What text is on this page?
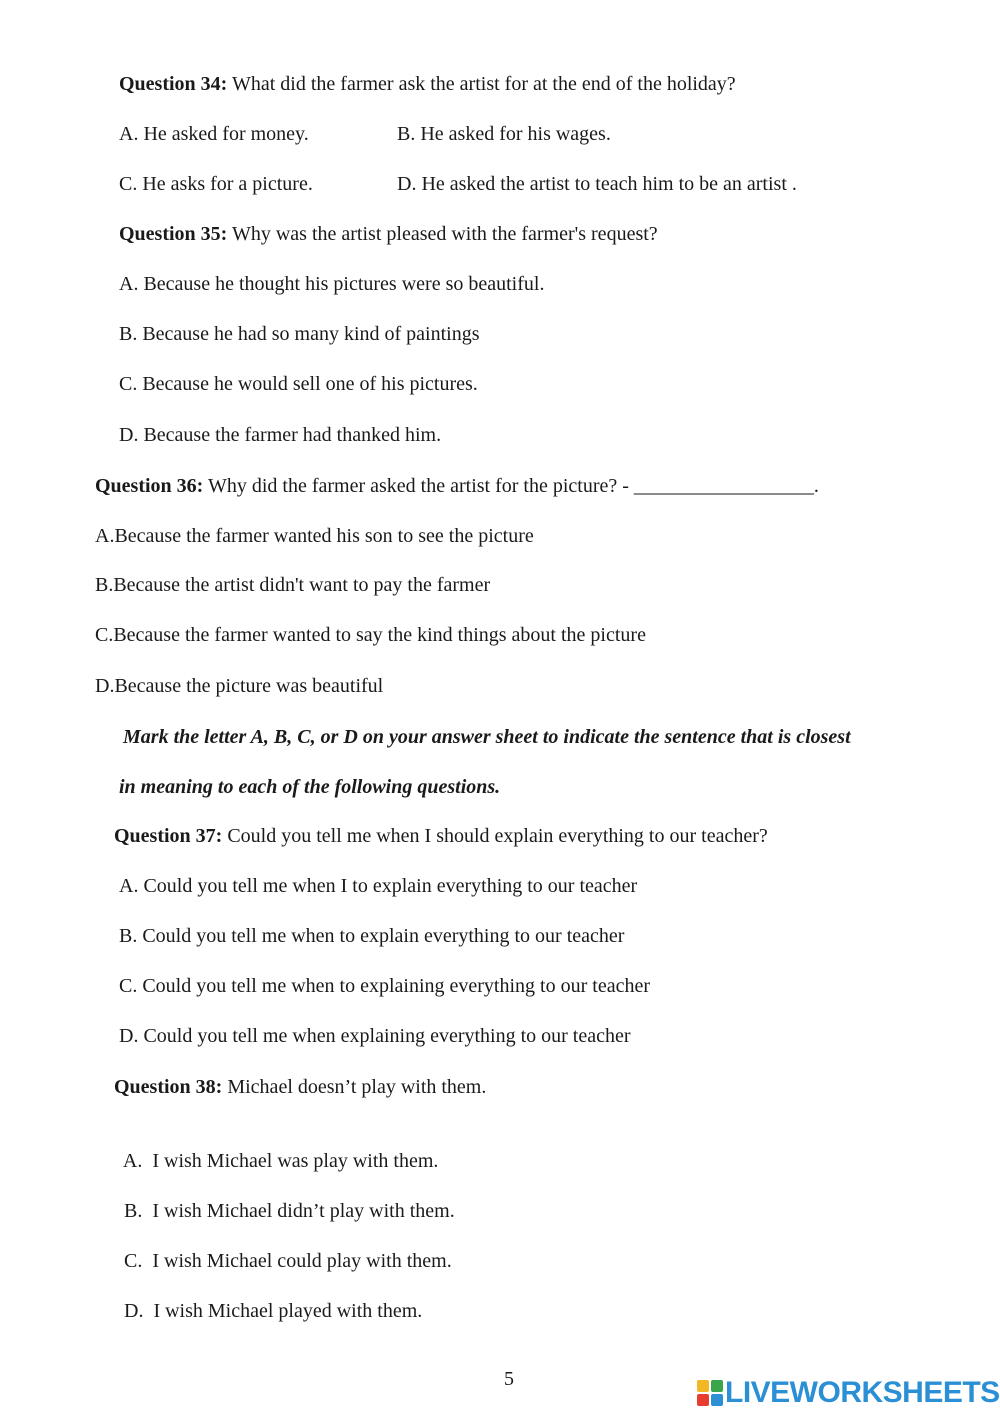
Question 34: What did the farmer ask the artist for at the end of the holiday?
A. He asked for money.	B. He asked for his wages.
C. He asks for a picture.	D. He asked the artist to teach him to be an artist .
Question 35: Why was the artist pleased with the farmer's request?
A. Because he thought his pictures were so beautiful.
B. Because he had so many kind of paintings
C. Because he would sell one of his pictures.
D. Because the farmer had thanked him.
Question 36: Why did the farmer asked the artist for the picture? - __________________.
A.Because the farmer wanted his son to see the picture
B.Because the artist didn't want to pay the farmer
C.Because the farmer wanted to say the kind things about the picture
D.Because the picture was beautiful
Mark the letter A, B, C, or D on your answer sheet to indicate the sentence that is closest
in meaning to each of the following questions.
Question 37: Could you tell me when I should explain everything to our teacher?
A. Could you tell me when I to explain everything to our teacher
B. Could you tell me when to explain everything to our teacher
C. Could you tell me when to explaining everything to our teacher
D. Could you tell me when explaining everything to our teacher
Question 38: Michael doesn’t play with them.

A.  I wish Michael was play with them.

B.  I wish Michael didn’t play with them.

C.  I wish Michael could play with them.

D.  I wish Michael played with them.

5	LIVEWORKSHEETS
